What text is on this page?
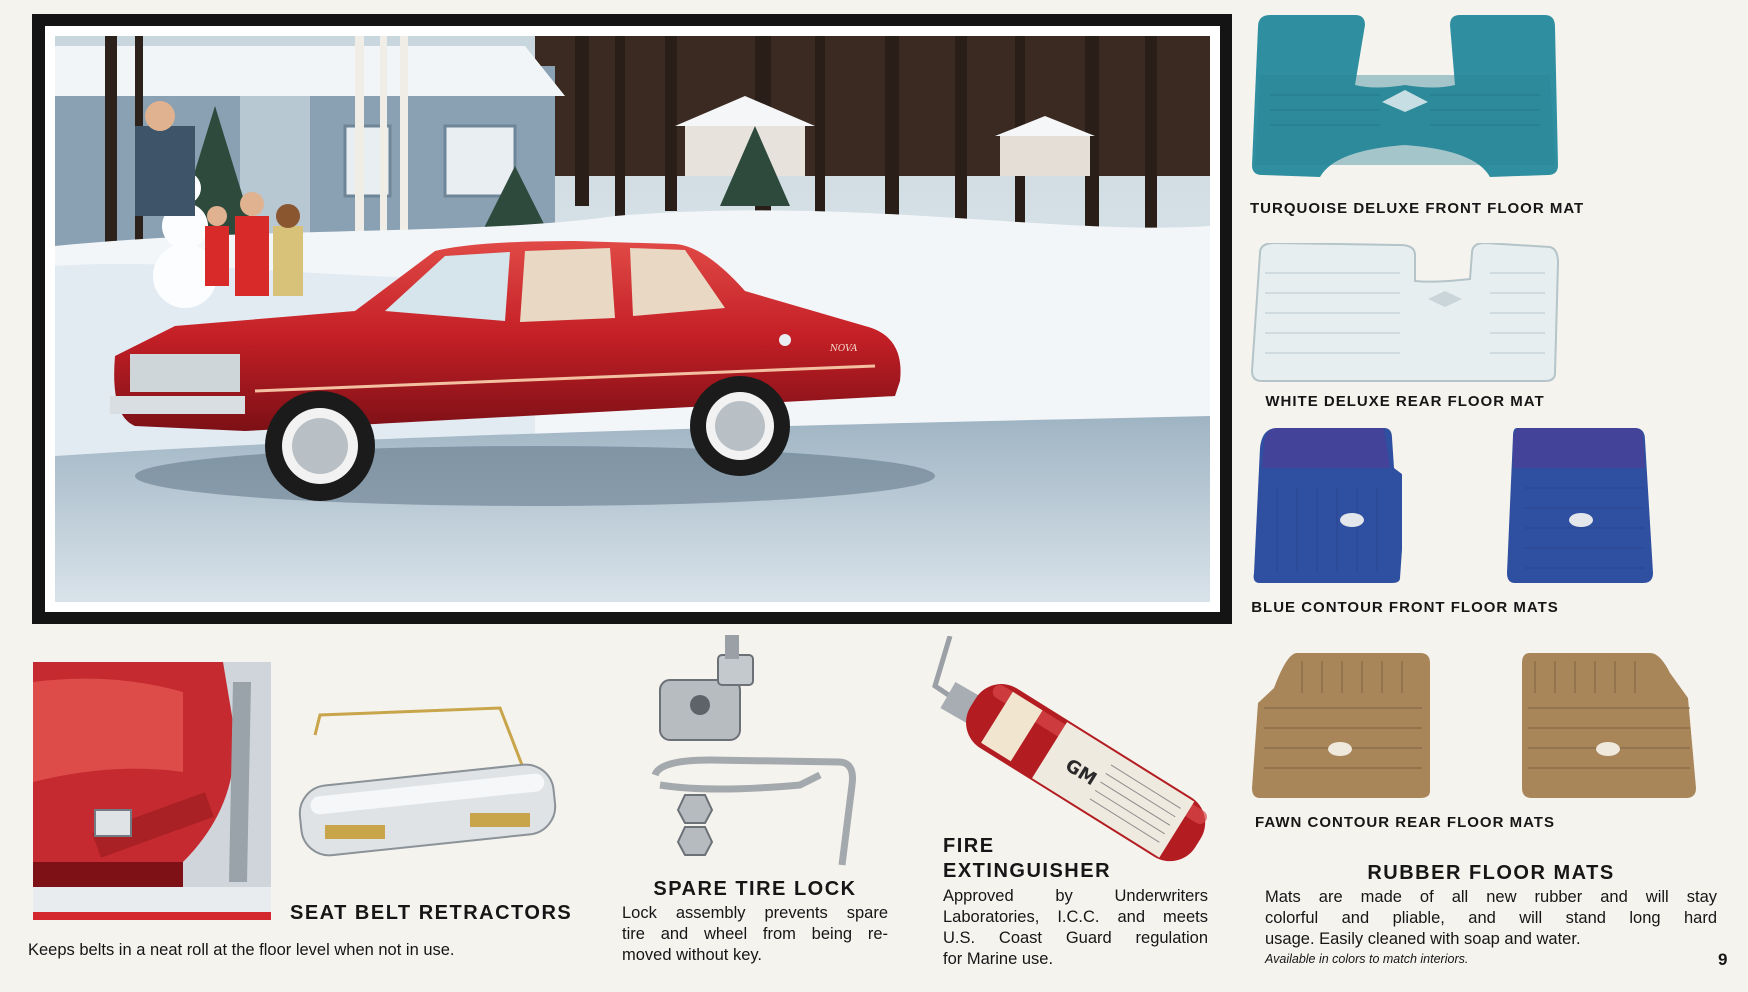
NOVA
TURQUOISE DELUXE FRONT FLOOR MAT
WHITE DELUXE REAR FLOOR MAT
BLUE CONTOUR FRONT FLOOR MATS
FAWN CONTOUR REAR FLOOR MATS
RUBBER FLOOR MATS
Mats are made of all new rubber and will stay
colorful and pliable, and will stand long hard
usage. Easily cleaned with soap and water.
Available in colors to match interiors.
SEAT BELT RETRACTORS
Keeps belts in a neat roll at the floor level when not in use.
SPARE TIRE LOCK
Lock assembly prevents spare
tire and wheel from being re-
moved without key.
GM
FIRE
EXTINGUISHER
Approved by Underwriters
Laboratories, I.C.C. and meets
U.S. Coast Guard regulation
for Marine use.	9
